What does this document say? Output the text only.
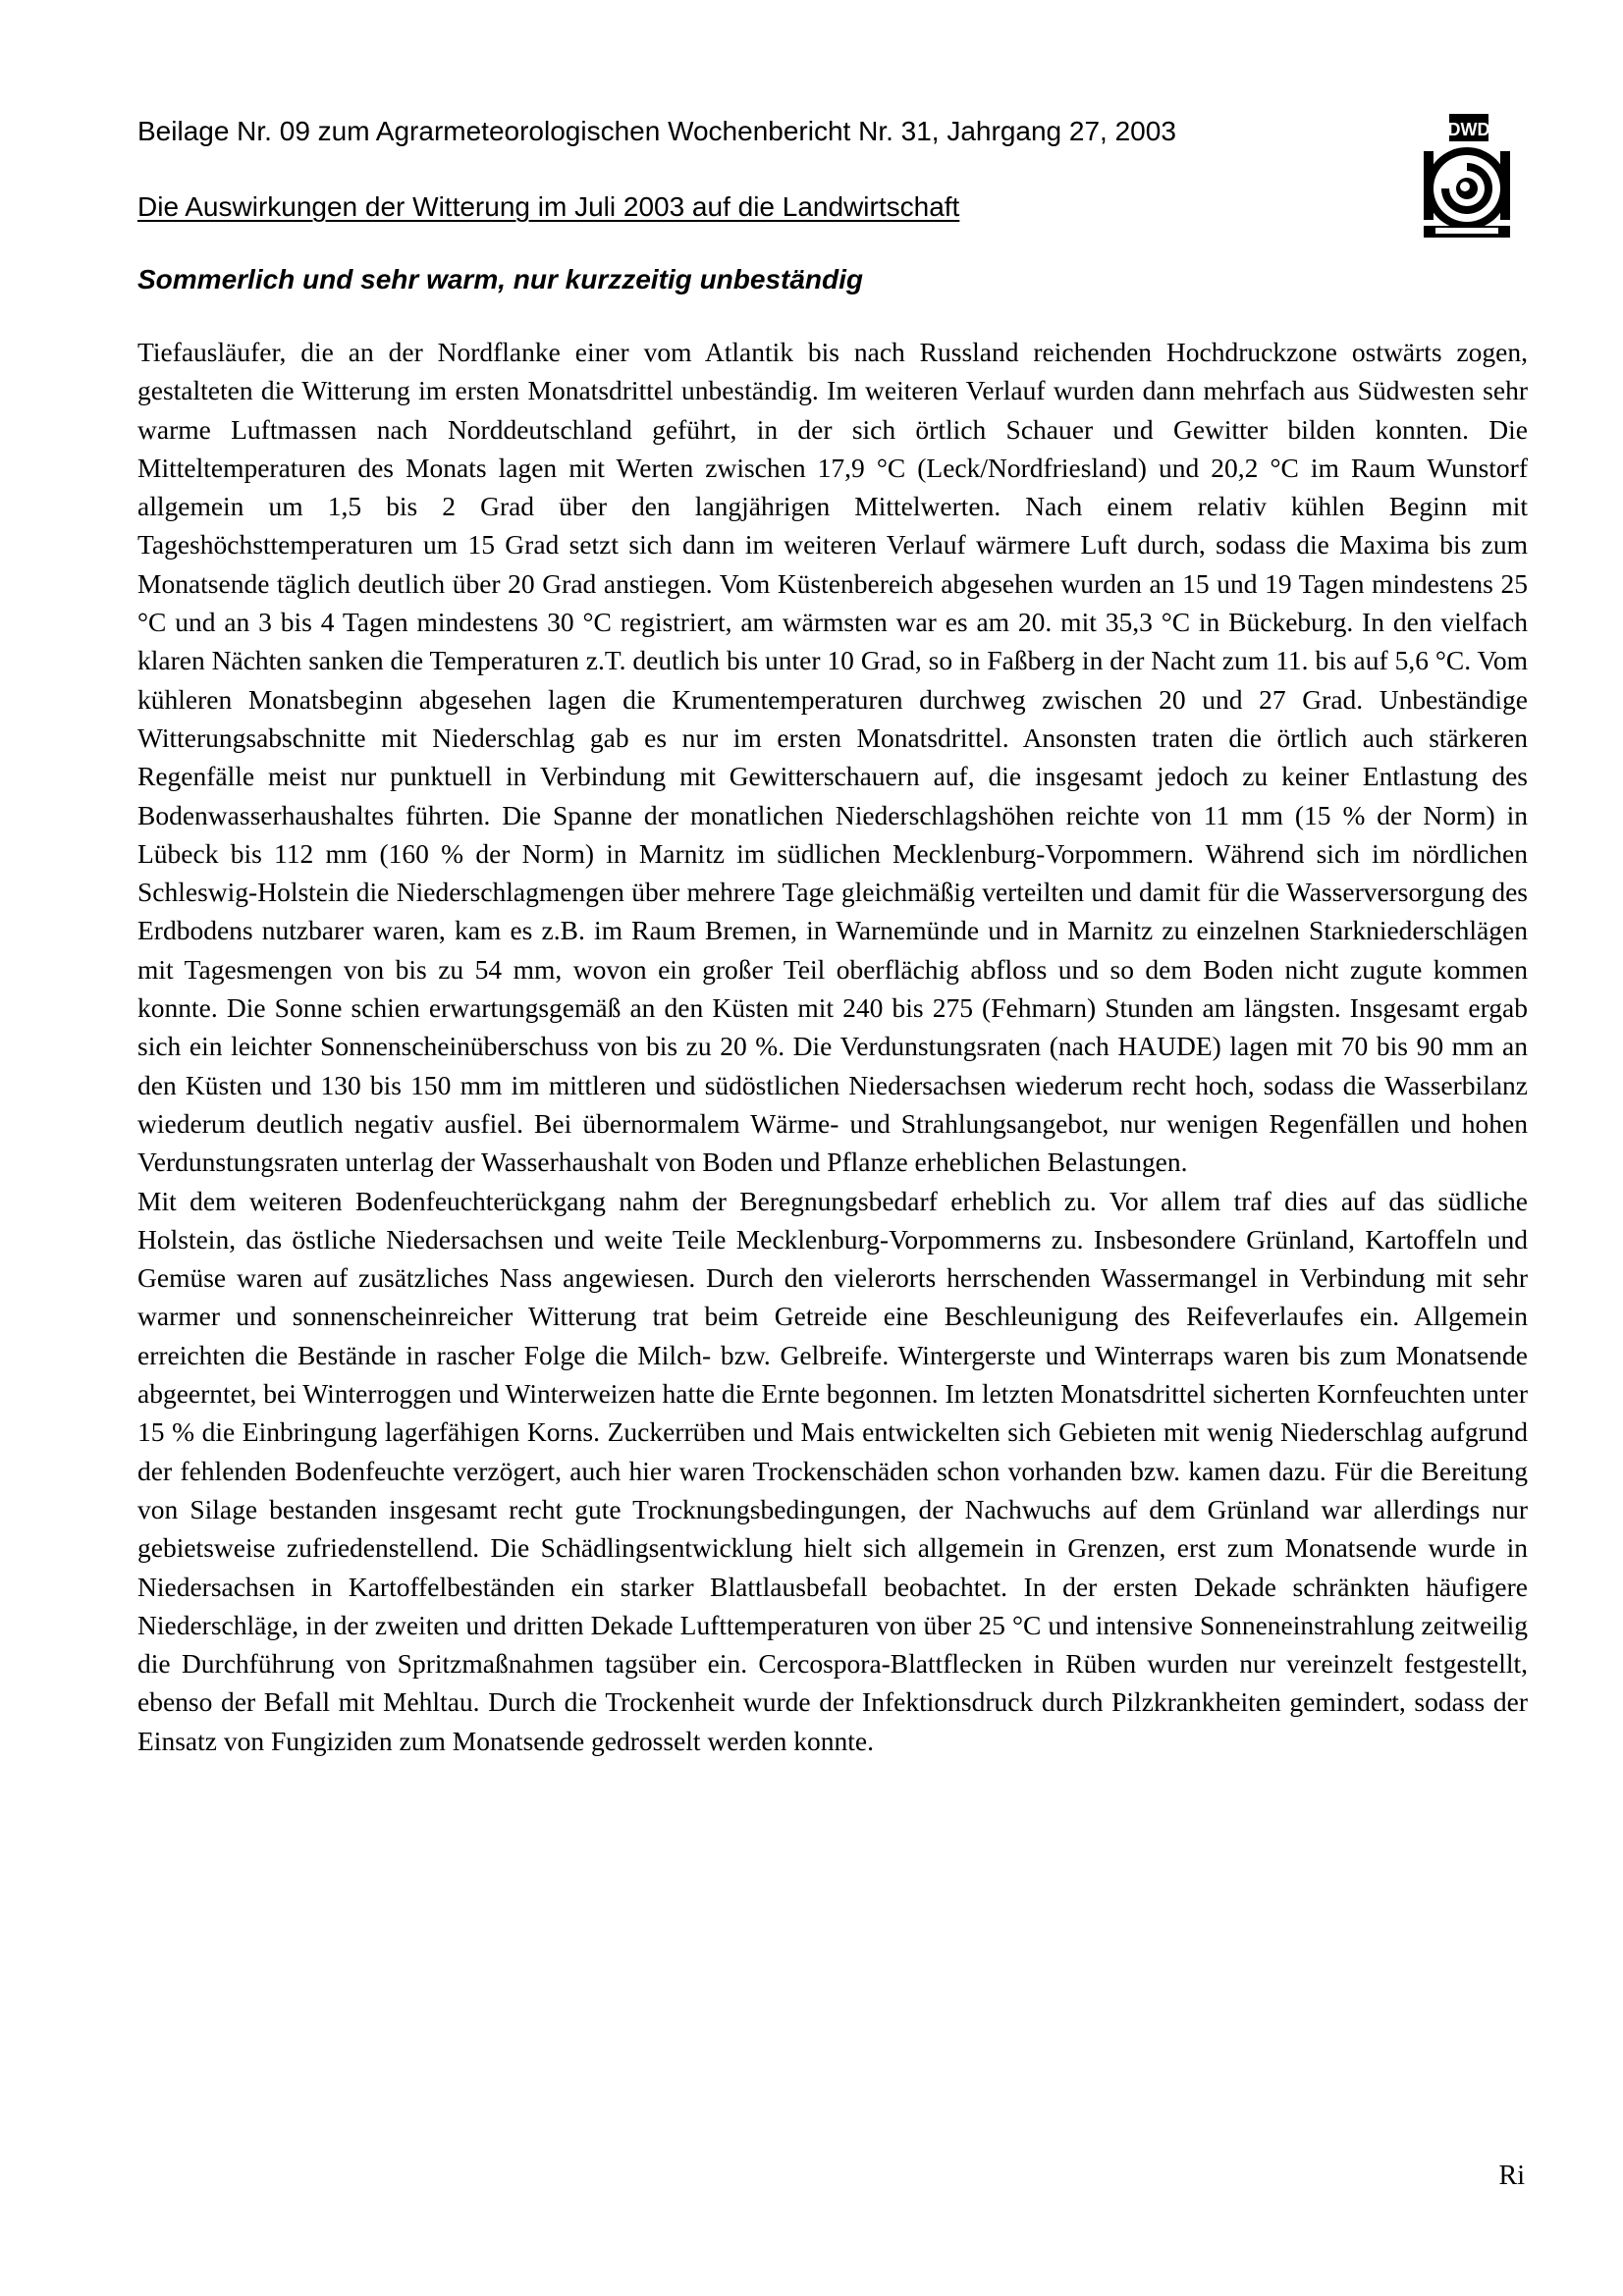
Beilage Nr. 09 zum Agrarmeteorologischen Wochenbericht Nr. 31, Jahrgang 27, 2003
Die Auswirkungen der Witterung im Juli 2003 auf die Landwirtschaft
Sommerlich und sehr warm, nur kurzzeitig unbeständig
DWD

Tiefausläufer, die an der Nordflanke einer vom Atlantik bis nach Russland reichenden Hochdruckzone ostwärts zogen, gestalteten die Witterung im ersten Monatsdrittel unbeständig. Im weiteren Verlauf wurden dann mehrfach aus Südwesten sehr warme Luftmassen nach Norddeutschland geführt, in der sich örtlich Schauer und Gewitter bilden konnten. Die Mitteltemperaturen des Monats lagen mit Werten zwischen 17,9 °C (Leck/Nordfriesland) und 20,2 °C im Raum Wunstorf allgemein um 1,5 bis 2 Grad über den langjährigen Mittelwerten. Nach einem relativ kühlen Beginn mit Tageshöchsttemperaturen um 15 Grad setzt sich dann im weiteren Verlauf wärmere Luft durch, sodass die Maxima bis zum Monatsende täglich deutlich über 20 Grad anstiegen. Vom Küstenbereich abgesehen wurden an 15 und 19 Tagen mindestens 25 °C und an 3 bis 4 Tagen mindestens 30 °C registriert, am wärmsten war es am 20. mit 35,3 °C in Bückeburg. In den vielfach klaren Nächten sanken die Temperaturen z.T. deutlich bis unter 10 Grad, so in Faßberg in der Nacht zum 11. bis auf 5,6 °C. Vom kühleren Monatsbeginn abgesehen lagen die Krumentemperaturen durchweg zwischen 20 und 27 Grad. Unbeständige Witterungsabschnitte mit Niederschlag gab es nur im ersten Monatsdrittel. Ansonsten traten die örtlich auch stärkeren Regenfälle meist nur punktuell in Verbindung mit Gewitterschauern auf, die insgesamt jedoch zu keiner Entlastung des Bodenwasserhaushaltes führten. Die Spanne der monatlichen Niederschlagshöhen reichte von 11 mm (15 % der Norm) in Lübeck bis 112 mm (160 % der Norm) in Marnitz im südlichen Mecklenburg-Vorpommern. Während sich im nördlichen Schleswig-Holstein die Niederschlagmengen über mehrere Tage gleichmäßig verteilten und damit für die Wasserversorgung des Erdbodens nutzbarer waren, kam es z.B. im Raum Bremen, in Warnemünde und in Marnitz zu einzelnen Starkniederschlägen mit Tagesmengen von bis zu 54 mm, wovon ein großer Teil oberflächig abfloss und so dem Boden nicht zugute kommen konnte. Die Sonne schien erwartungsgemäß an den Küsten mit 240 bis 275 (Fehmarn) Stunden am längsten. Insgesamt ergab sich ein leichter Sonnenscheinüberschuss von bis zu 20 %. Die Verdunstungsraten (nach HAUDE) lagen mit 70 bis 90 mm an den Küsten und 130 bis 150 mm im mittleren und südöstlichen Niedersachsen wiederum recht hoch, sodass die Wasserbilanz wiederum deutlich negativ ausfiel. Bei übernormalem Wärme- und Strahlungsangebot, nur wenigen Regenfällen und hohen Verdunstungsraten unterlag der Wasserhaushalt von Boden und Pflanze erheblichen Belastungen.

Mit dem weiteren Bodenfeuchterückgang nahm der Beregnungsbedarf erheblich zu. Vor allem traf dies auf das südliche Holstein, das östliche Niedersachsen und weite Teile Mecklenburg-Vorpommerns zu. Insbesondere Grünland, Kartoffeln und Gemüse waren auf zusätzliches Nass angewiesen. Durch den vielerorts herrschenden Wassermangel in Verbindung mit sehr warmer und sonnenscheinreicher Witterung trat beim Getreide eine Beschleunigung des Reifeverlaufes ein. Allgemein erreichten die Bestände in rascher Folge die Milch- bzw. Gelbreife. Wintergerste und Winterraps waren bis zum Monatsende abgeerntet, bei Winterroggen und Winterweizen hatte die Ernte begonnen. Im letzten Monatsdrittel sicherten Kornfeuchten unter 15 % die Einbringung lagerfähigen Korns. Zuckerrüben und Mais entwickelten sich Gebieten mit wenig Niederschlag aufgrund der fehlenden Bodenfeuchte verzögert, auch hier waren Trockenschäden schon vorhanden bzw. kamen dazu. Für die Bereitung von Silage bestanden insgesamt recht gute Trocknungsbedingungen, der Nachwuchs auf dem Grünland war allerdings nur gebietsweise zufriedenstellend. Die Schädlingsentwicklung hielt sich allgemein in Grenzen, erst zum Monatsende wurde in Niedersachsen in Kartoffelbeständen ein starker Blattlausbefall beobachtet. In der ersten Dekade schränkten häufigere Niederschläge, in der zweiten und dritten Dekade Lufttemperaturen von über 25 °C und intensive Sonneneinstrahlung zeitweilig die Durchführung von Spritzmaßnahmen tagsüber ein. Cercospora-Blattflecken in Rüben wurden nur vereinzelt festgestellt, ebenso der Befall mit Mehltau. Durch die Trockenheit wurde der Infektionsdruck durch Pilzkrankheiten gemindert, sodass der Einsatz von Fungiziden zum Monatsende gedrosselt werden konnte.

Ri
